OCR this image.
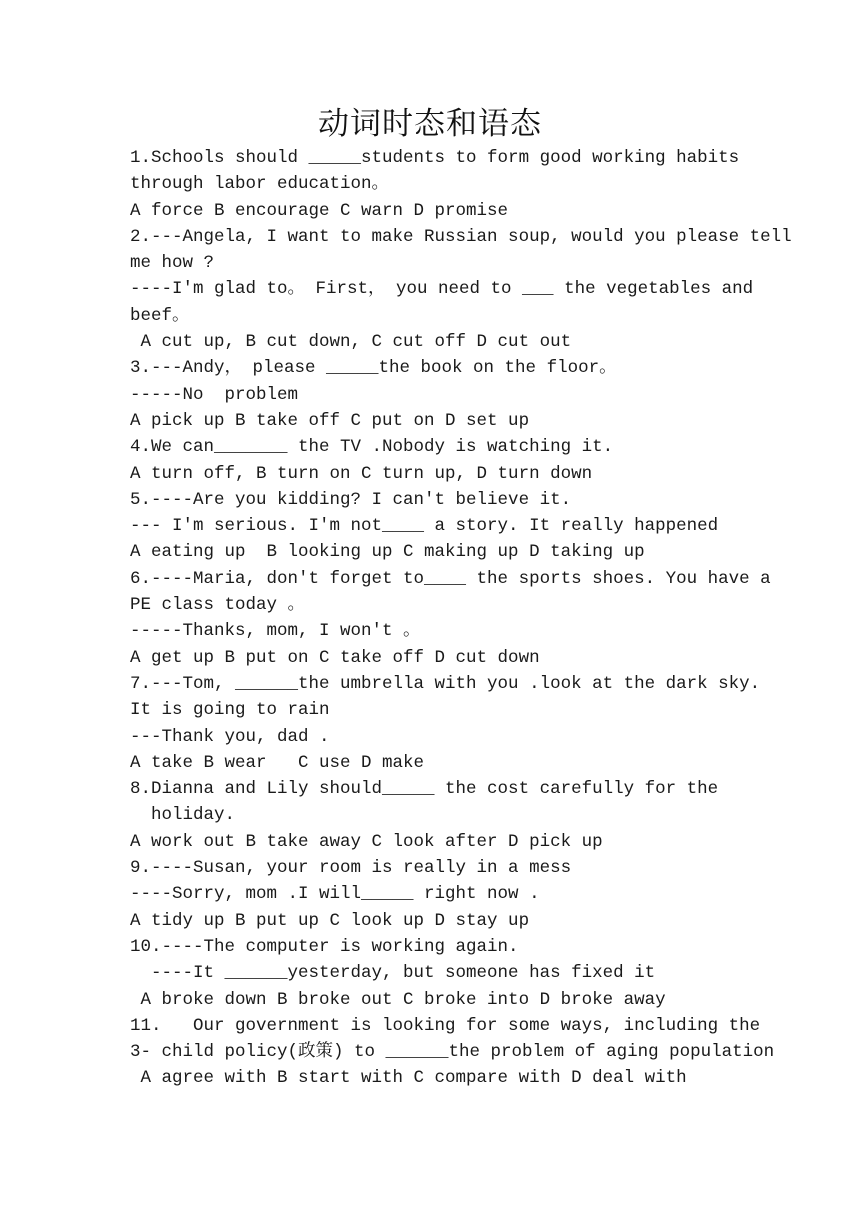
动词时态和语态
1.Schools should _____students to form good working habits
through labor education。
A force B encourage C warn D promise
2.---Angela, I want to make Russian soup, would you please tell
me how ?
----I'm glad to。 First， you need to ___ the vegetables and
beef。
A cut up, B cut down, C cut off D cut out
3.---Andy， please _____the book on the floor。
-----No  problem
A pick up B take off C put on D set up
4.We can_______ the TV .Nobody is watching it.
A turn off, B turn on C turn up, D turn down
5.----Are you kidding? I can't believe it.
--- I'm serious. I'm not____ a story. It really happened
A eating up  B looking up C making up D taking up
6.----Maria, don't forget to____ the sports shoes. You have a
PE class today 。
-----Thanks, mom, I won't 。
A get up B put on C take off D cut down
7.---Tom, ______the umbrella with you .look at the dark sky.
It is going to rain
---Thank you, dad .
A take B wear   C use D make
8.Dianna and Lily should_____ the cost carefully for the
holiday.
A work out B take away C look after D pick up
9.----Susan, your room is really in a mess
----Sorry, mom .I will_____ right now .
A tidy up B put up C look up D stay up
10.----The computer is working again.
----It ______yesterday, but someone has fixed it
A broke down B broke out C broke into D broke away
11.   Our government is looking for some ways, including the
3- child policy(政策) to ______the problem of aging population
A agree with B start with C compare with D deal with
